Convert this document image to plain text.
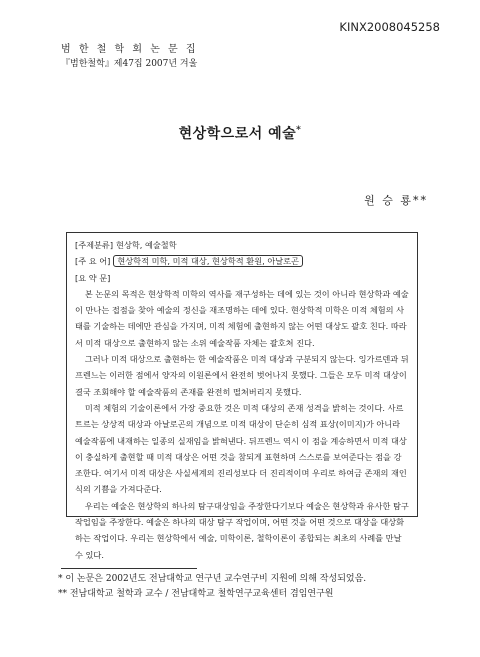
KINX2008045258
범 한 철 학 회 논 문 집
『범한철학』제47집 2007년 겨울
현상학으로서 예술*
원 승 룡**
[ 주제분류 ] 현상학, 예술철학
[ 주 요 어 ] 현상학적 미학, 미적 대상, 현상학적 환원, 아날로곤
[ 요 약 문 ]

본 논문의 목적은 현상학적 미학의 역사를 재구성하는 데에 있는 것이 아니라 현상학과 예술이 만나는 접점을 찾아 예술의 정신을 재조명하는 데에 있다. 현상학적 미학은 미적 체험의 사태를 기술하는 데에만 관심을 가지며, 미적 체험에 출현하지 않는 어떤 대상도 괄호 친다. 따라서 미적 대상으로 출현하지 않는 소위 예술작품 자체는 괄호쳐 진다.

그러나 미적 대상으로 출현하는 한 예술작품은 미적 대상과 구분되지 않는다. 잉가르덴과 뒤프렌느는 이러한 점에서 양자의 이원론에서 완전히 벗어나지 못했다. 그들은 모두 미적 대상이 결국 조회해야 할 예술작품의 존재를 완전히 떨쳐버리지 못했다.

미적 체험의 기술이론에서 가장 중요한 것은 미적 대상의 존재 성격을 밝히는 것이다. 사르트르는 상상적 대상과 아날로곤의 개념으로 미적 대상이 단순히 심적 표상(이미지)가 아니라 예술작품에 내재하는 일종의 실재임을 밝혀낸다. 뒤프렌느 역시 이 점을 계승하면서 미적 대상이 충실하게 출현할 때 미적 대상은 어떤 것을 참되게 표현하며 스스로를 보여준다는 점을 강조한다. 여기서 미적 대상은 사실세계의 진리성보다 더 진리적이며 우리로 하여금 존재의 재인식의 기쁨을 가져다준다.

우리는 예술은 현상학의 하나의 탐구대상임을 주장한다기보다 예술은 현상학과 유사한 탐구 작업임을 주장한다. 예술은 하나의 대상 탐구 작업이며, 어떤 것을 어떤 것으로 대상을 대상화하는 작업이다. 우리는 현상학에서 예술, 미학이론, 철학이론이 종합되는 최초의 사례를 만날 수 있다.

* 이 논문은 2002년도 전남대학교 연구년 교수연구비 지원에 의해 작성되었음.
** 전남대학교 철학과 교수 / 전남대학교 철학연구교육센터 겸임연구원
